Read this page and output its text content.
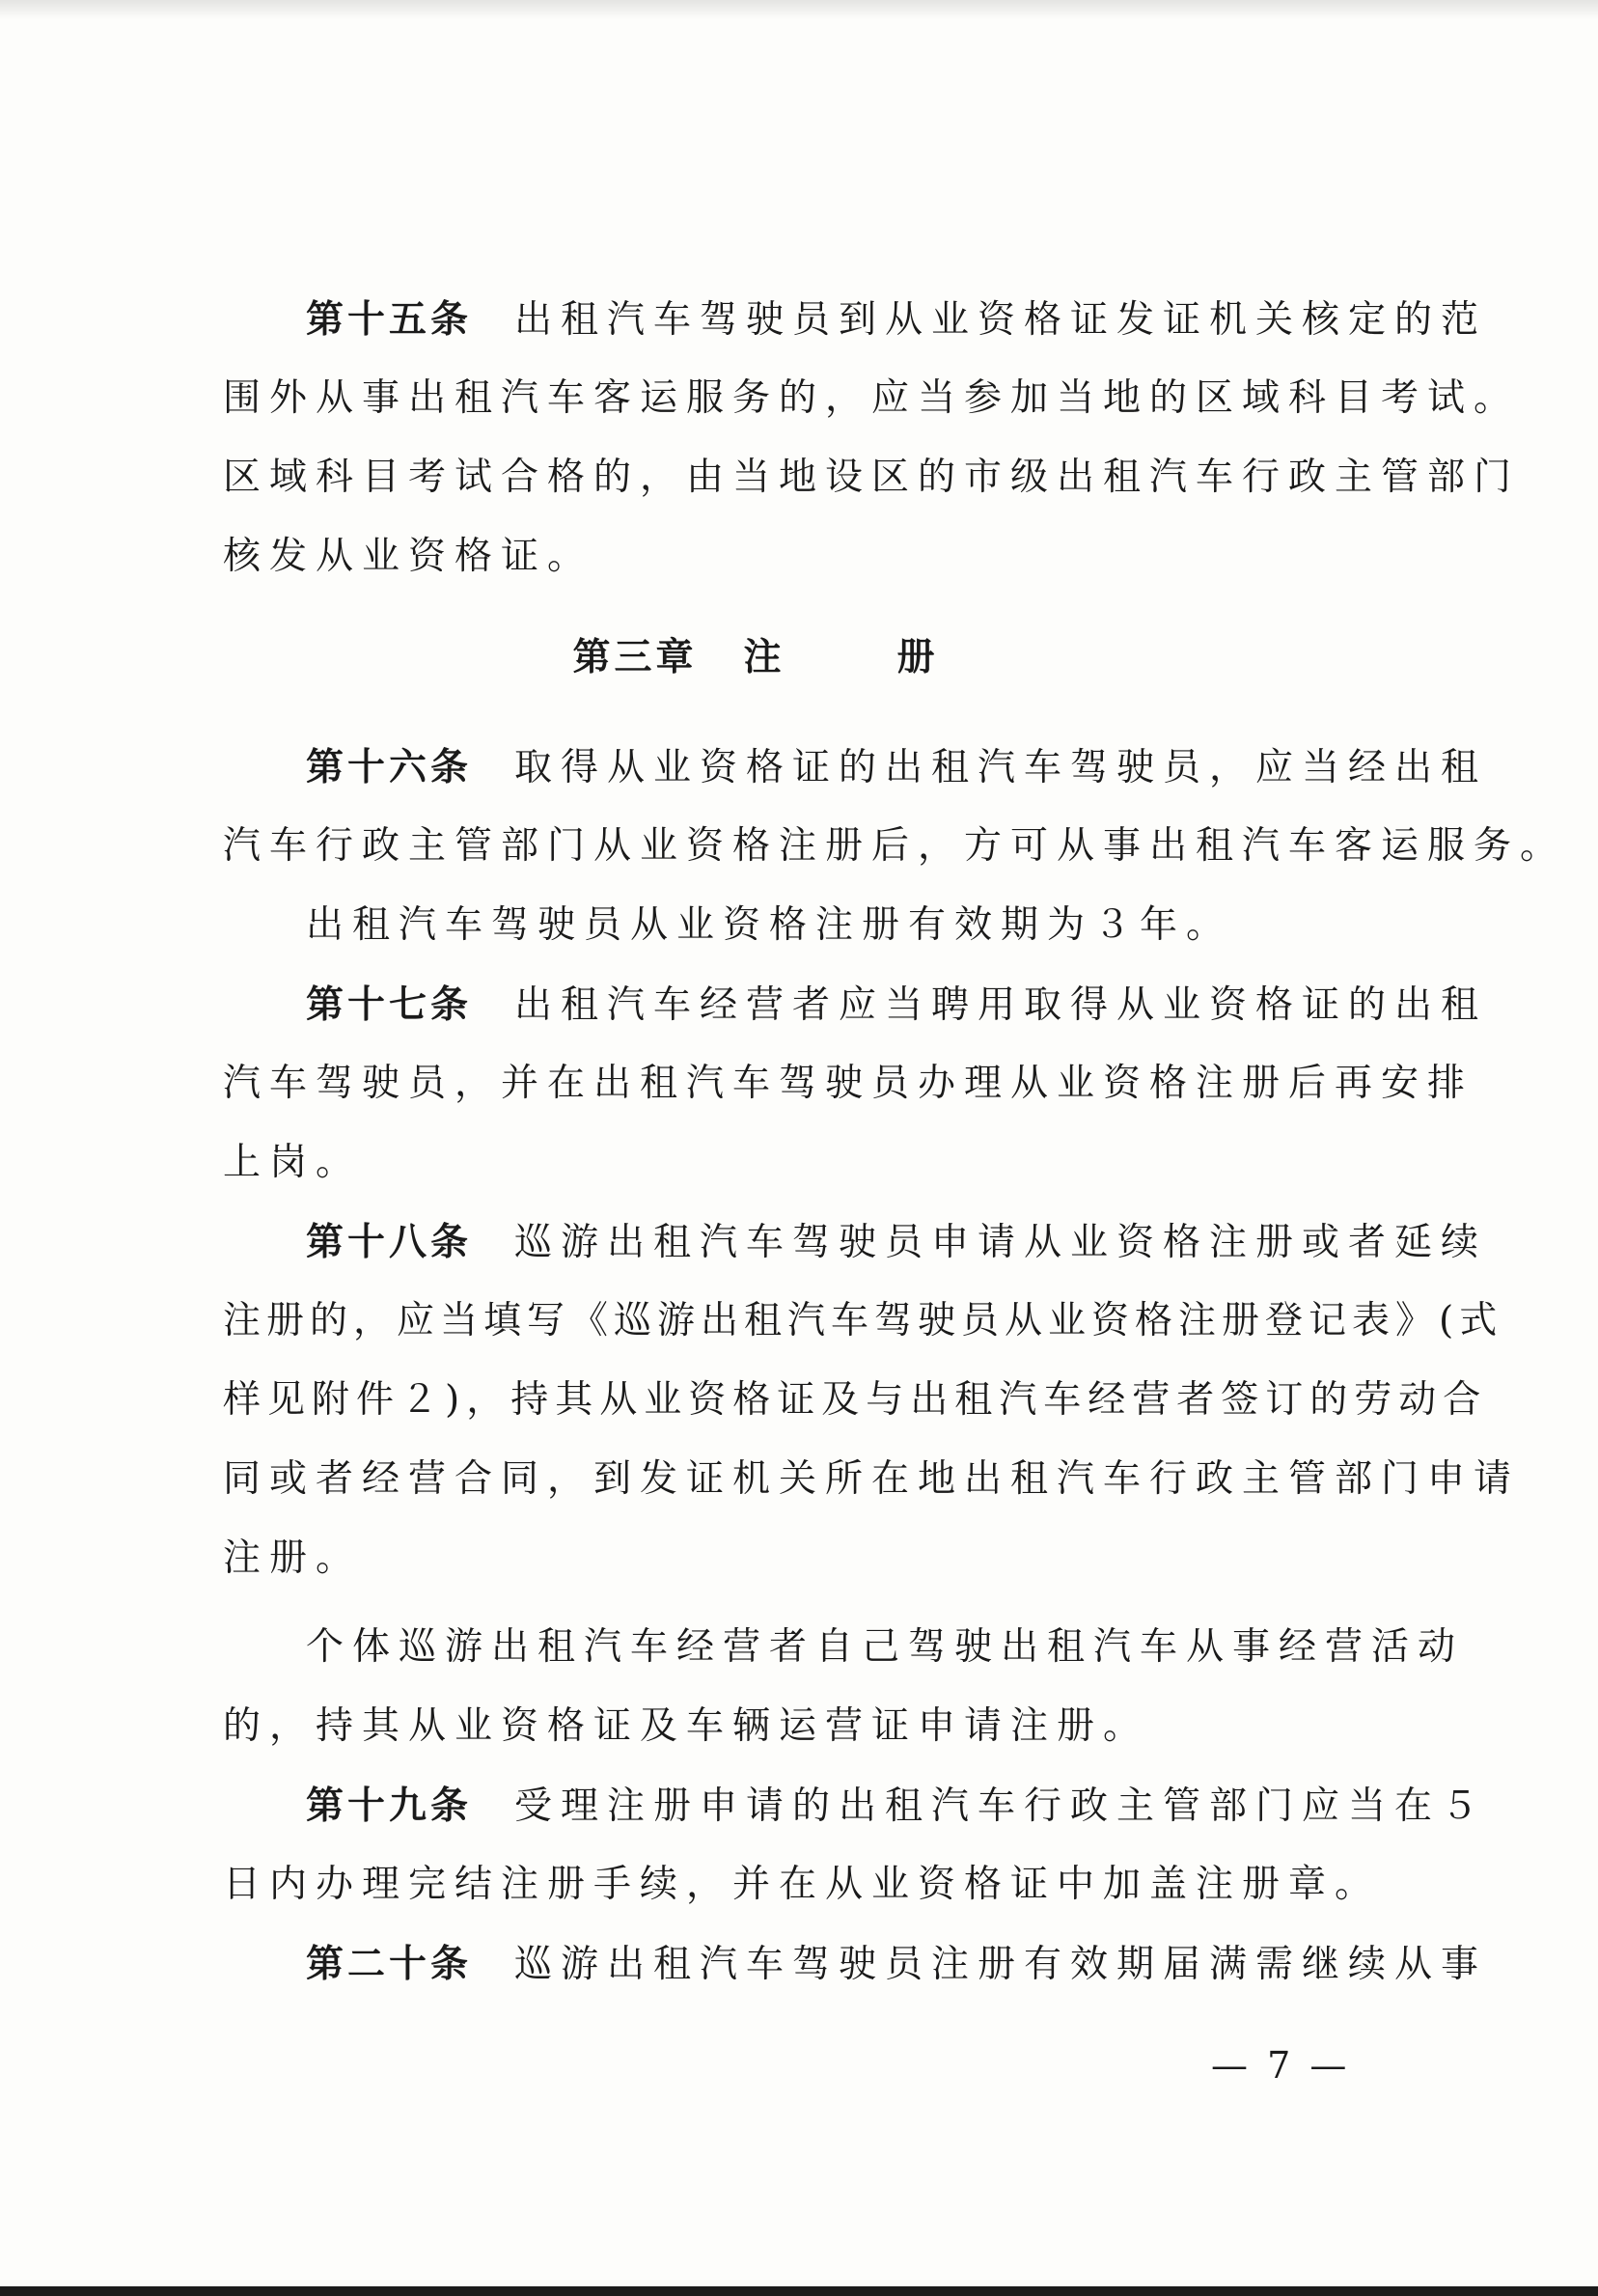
第十五条 出租汽车驾驶员到从业资格证发证机关核定的范
围外从事出租汽车客运服务的，应当参加当地的区域科目考试。
区域科目考试合格的，由当地设区的市级出租汽车行政主管部门
核发从业资格证。
第三章 注册
第十六条 取得从业资格证的出租汽车驾驶员，应当经出租
汽车行政主管部门从业资格注册后，方可从事出租汽车客运服务。
出租汽车驾驶员从业资格注册有效期为３年。
第十七条 出租汽车经营者应当聘用取得从业资格证的出租
汽车驾驶员，并在出租汽车驾驶员办理从业资格注册后再安排
上岗。
第十八条 巡游出租汽车驾驶员申请从业资格注册或者延续
注册的，应当填写《巡游出租汽车驾驶员从业资格注册登记表》(式
样见附件２)，持其从业资格证及与出租汽车经营者签订的劳动合
同或者经营合同，到发证机关所在地出租汽车行政主管部门申请
注册。
个体巡游出租汽车经营者自己驾驶出租汽车从事经营活动
的，持其从业资格证及车辆运营证申请注册。
第十九条 受理注册申请的出租汽车行政主管部门应当在５
日内办理完结注册手续，并在从业资格证中加盖注册章。
第二十条 巡游出租汽车驾驶员注册有效期届满需继续从事
— 7 —
